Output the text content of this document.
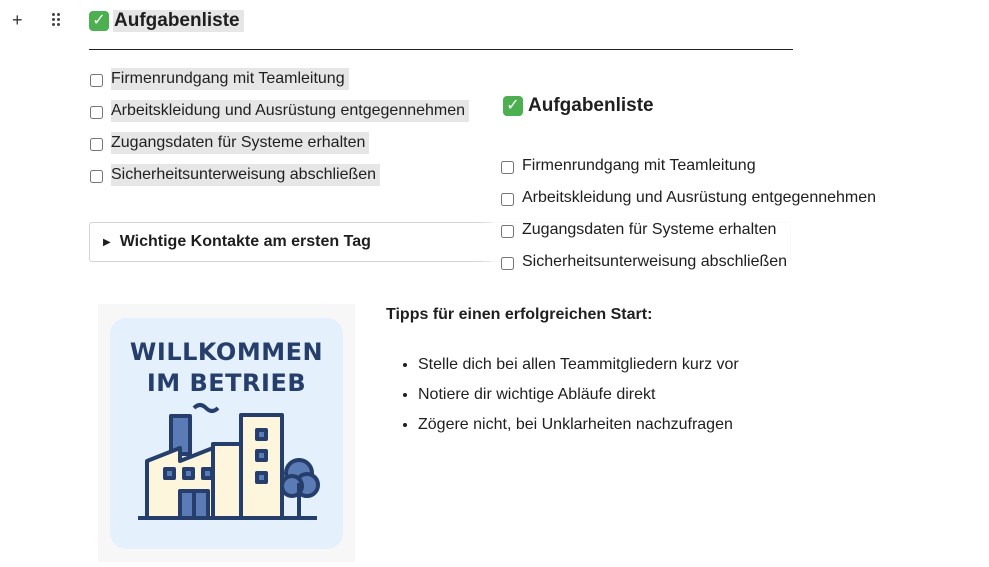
+	✓ Aufgabenliste
Firmenrundgang mit Teamleitung
Arbeitskleidung und Ausrüstung entgegennehmen
Zugangsdaten für Systeme erhalten
Sicherheitsunterweisung abschließen
▶ Wichtige Kontakte am ersten Tag
✓ Aufgabenliste
Firmenrundgang mit Teamleitung
Arbeitskleidung und Ausrüstung entgegennehmen
Zugangsdaten für Systeme erhalten
Sicherheitsunterweisung abschließen
WILLKOMMEN
IM BETRIEB
Tipps für einen erfolgreichen Start:
• Stelle dich bei allen Teammitgliedern kurz vor
• Notiere dir wichtige Abläufe direkt
• Zögere nicht, bei Unklarheiten nachzufragen
